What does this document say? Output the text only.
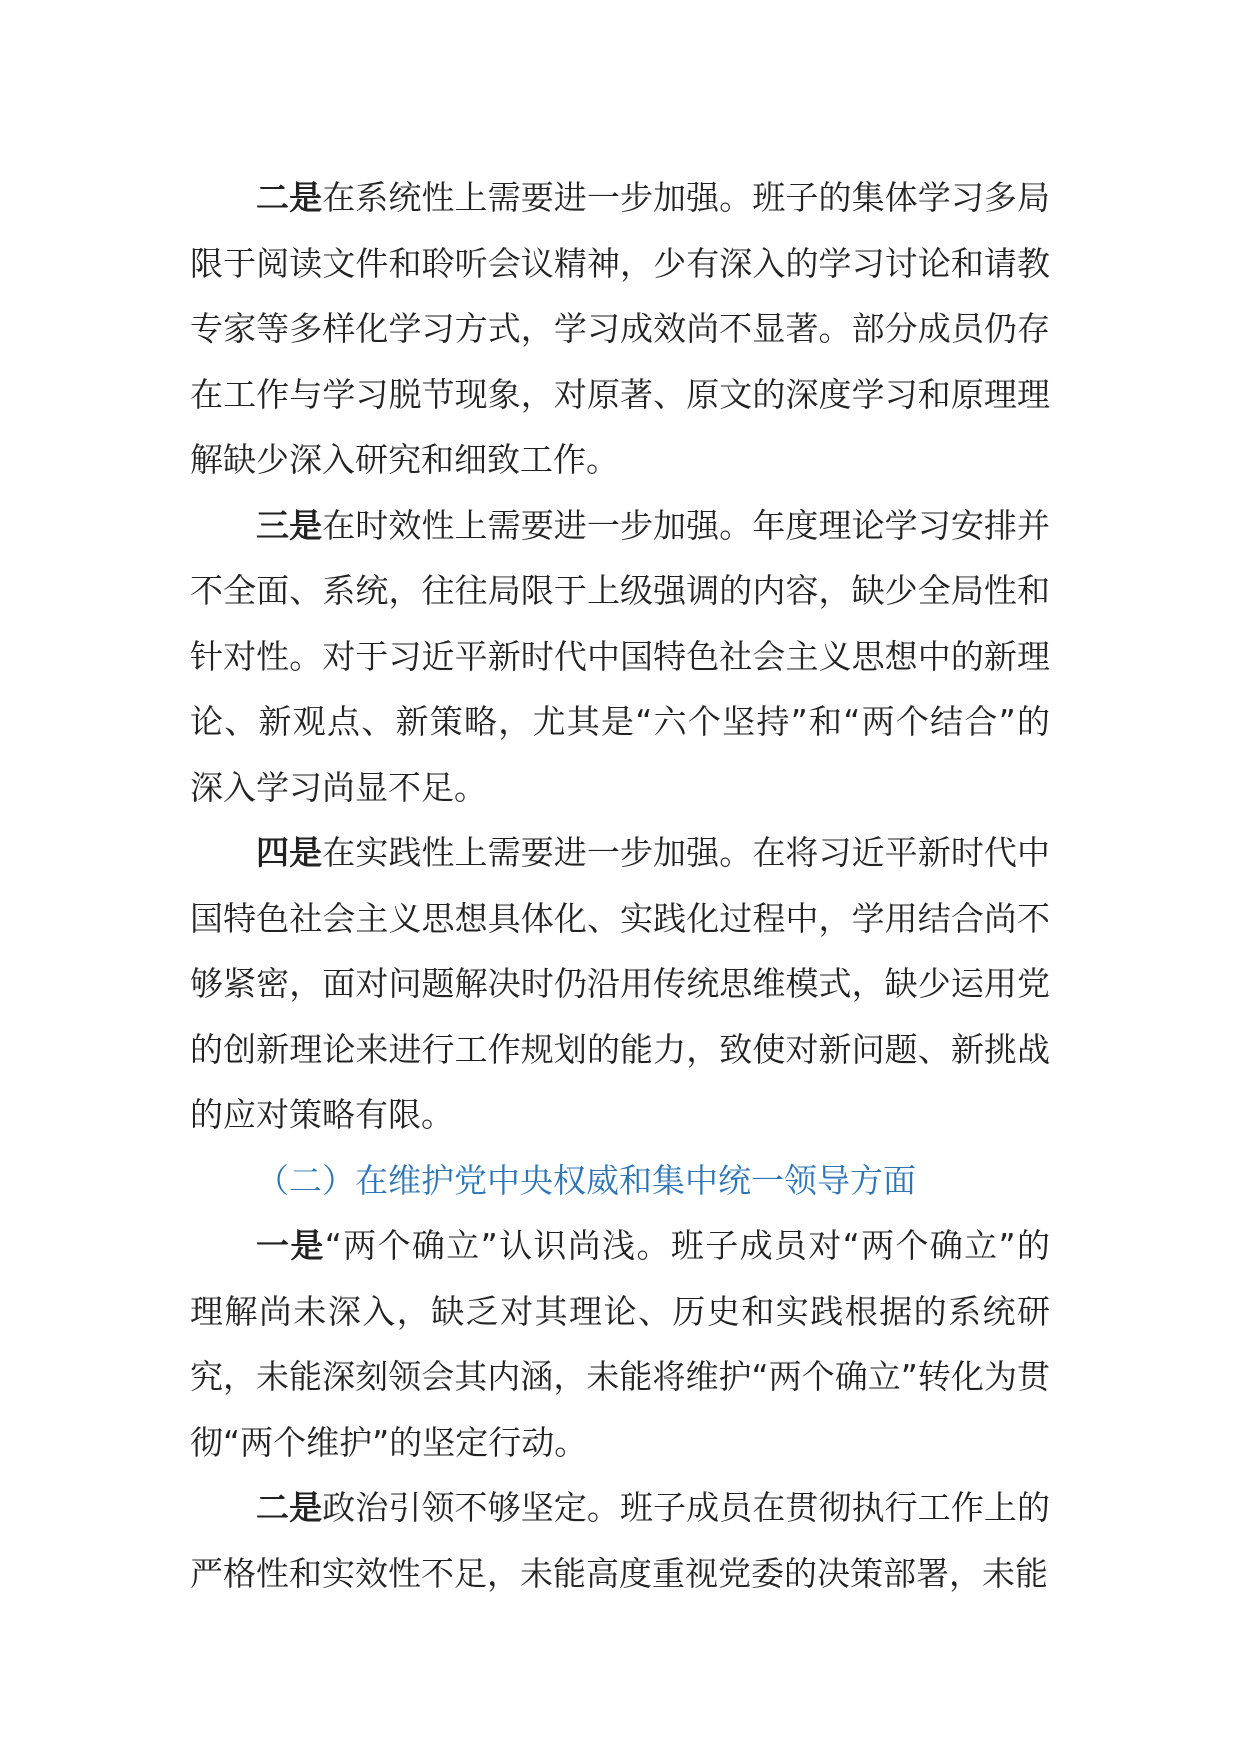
二是在系统性上需要进一步加强。班子的集体学习多局限于阅读文件和聆听会议精神，少有深入的学习讨论和请教专家等多样化学习方式，学习成效尚不显著。部分成员仍存在工作与学习脱节现象，对原著、原文的深度学习和原理理解缺少深入研究和细致工作。

三是在时效性上需要进一步加强。年度理论学习安排并不全面、系统，往往局限于上级强调的内容，缺少全局性和针对性。对于习近平新时代中国特色社会主义思想中的新理论、新观点、新策略，尤其是“六个坚持”和“两个结合”的深入学习尚显不足。

四是在实践性上需要进一步加强。在将习近平新时代中国特色社会主义思想具体化、实践化过程中，学用结合尚不够紧密，面对问题解决时仍沿用传统思维模式，缺少运用党的创新理论来进行工作规划的能力，致使对新问题、新挑战的应对策略有限。

（二）在维护党中央权威和集中统一领导方面

一是“两个确立”认识尚浅。班子成员对“两个确立”的理解尚未深入，缺乏对其理论、历史和实践根据的系统研究，未能深刻领会其内涵，未能将维护“两个确立”转化为贯彻“两个维护”的坚定行动。

二是政治引领不够坚定。班子成员在贯彻执行工作上的严格性和实效性不足，未能高度重视党委的决策部署，未能
